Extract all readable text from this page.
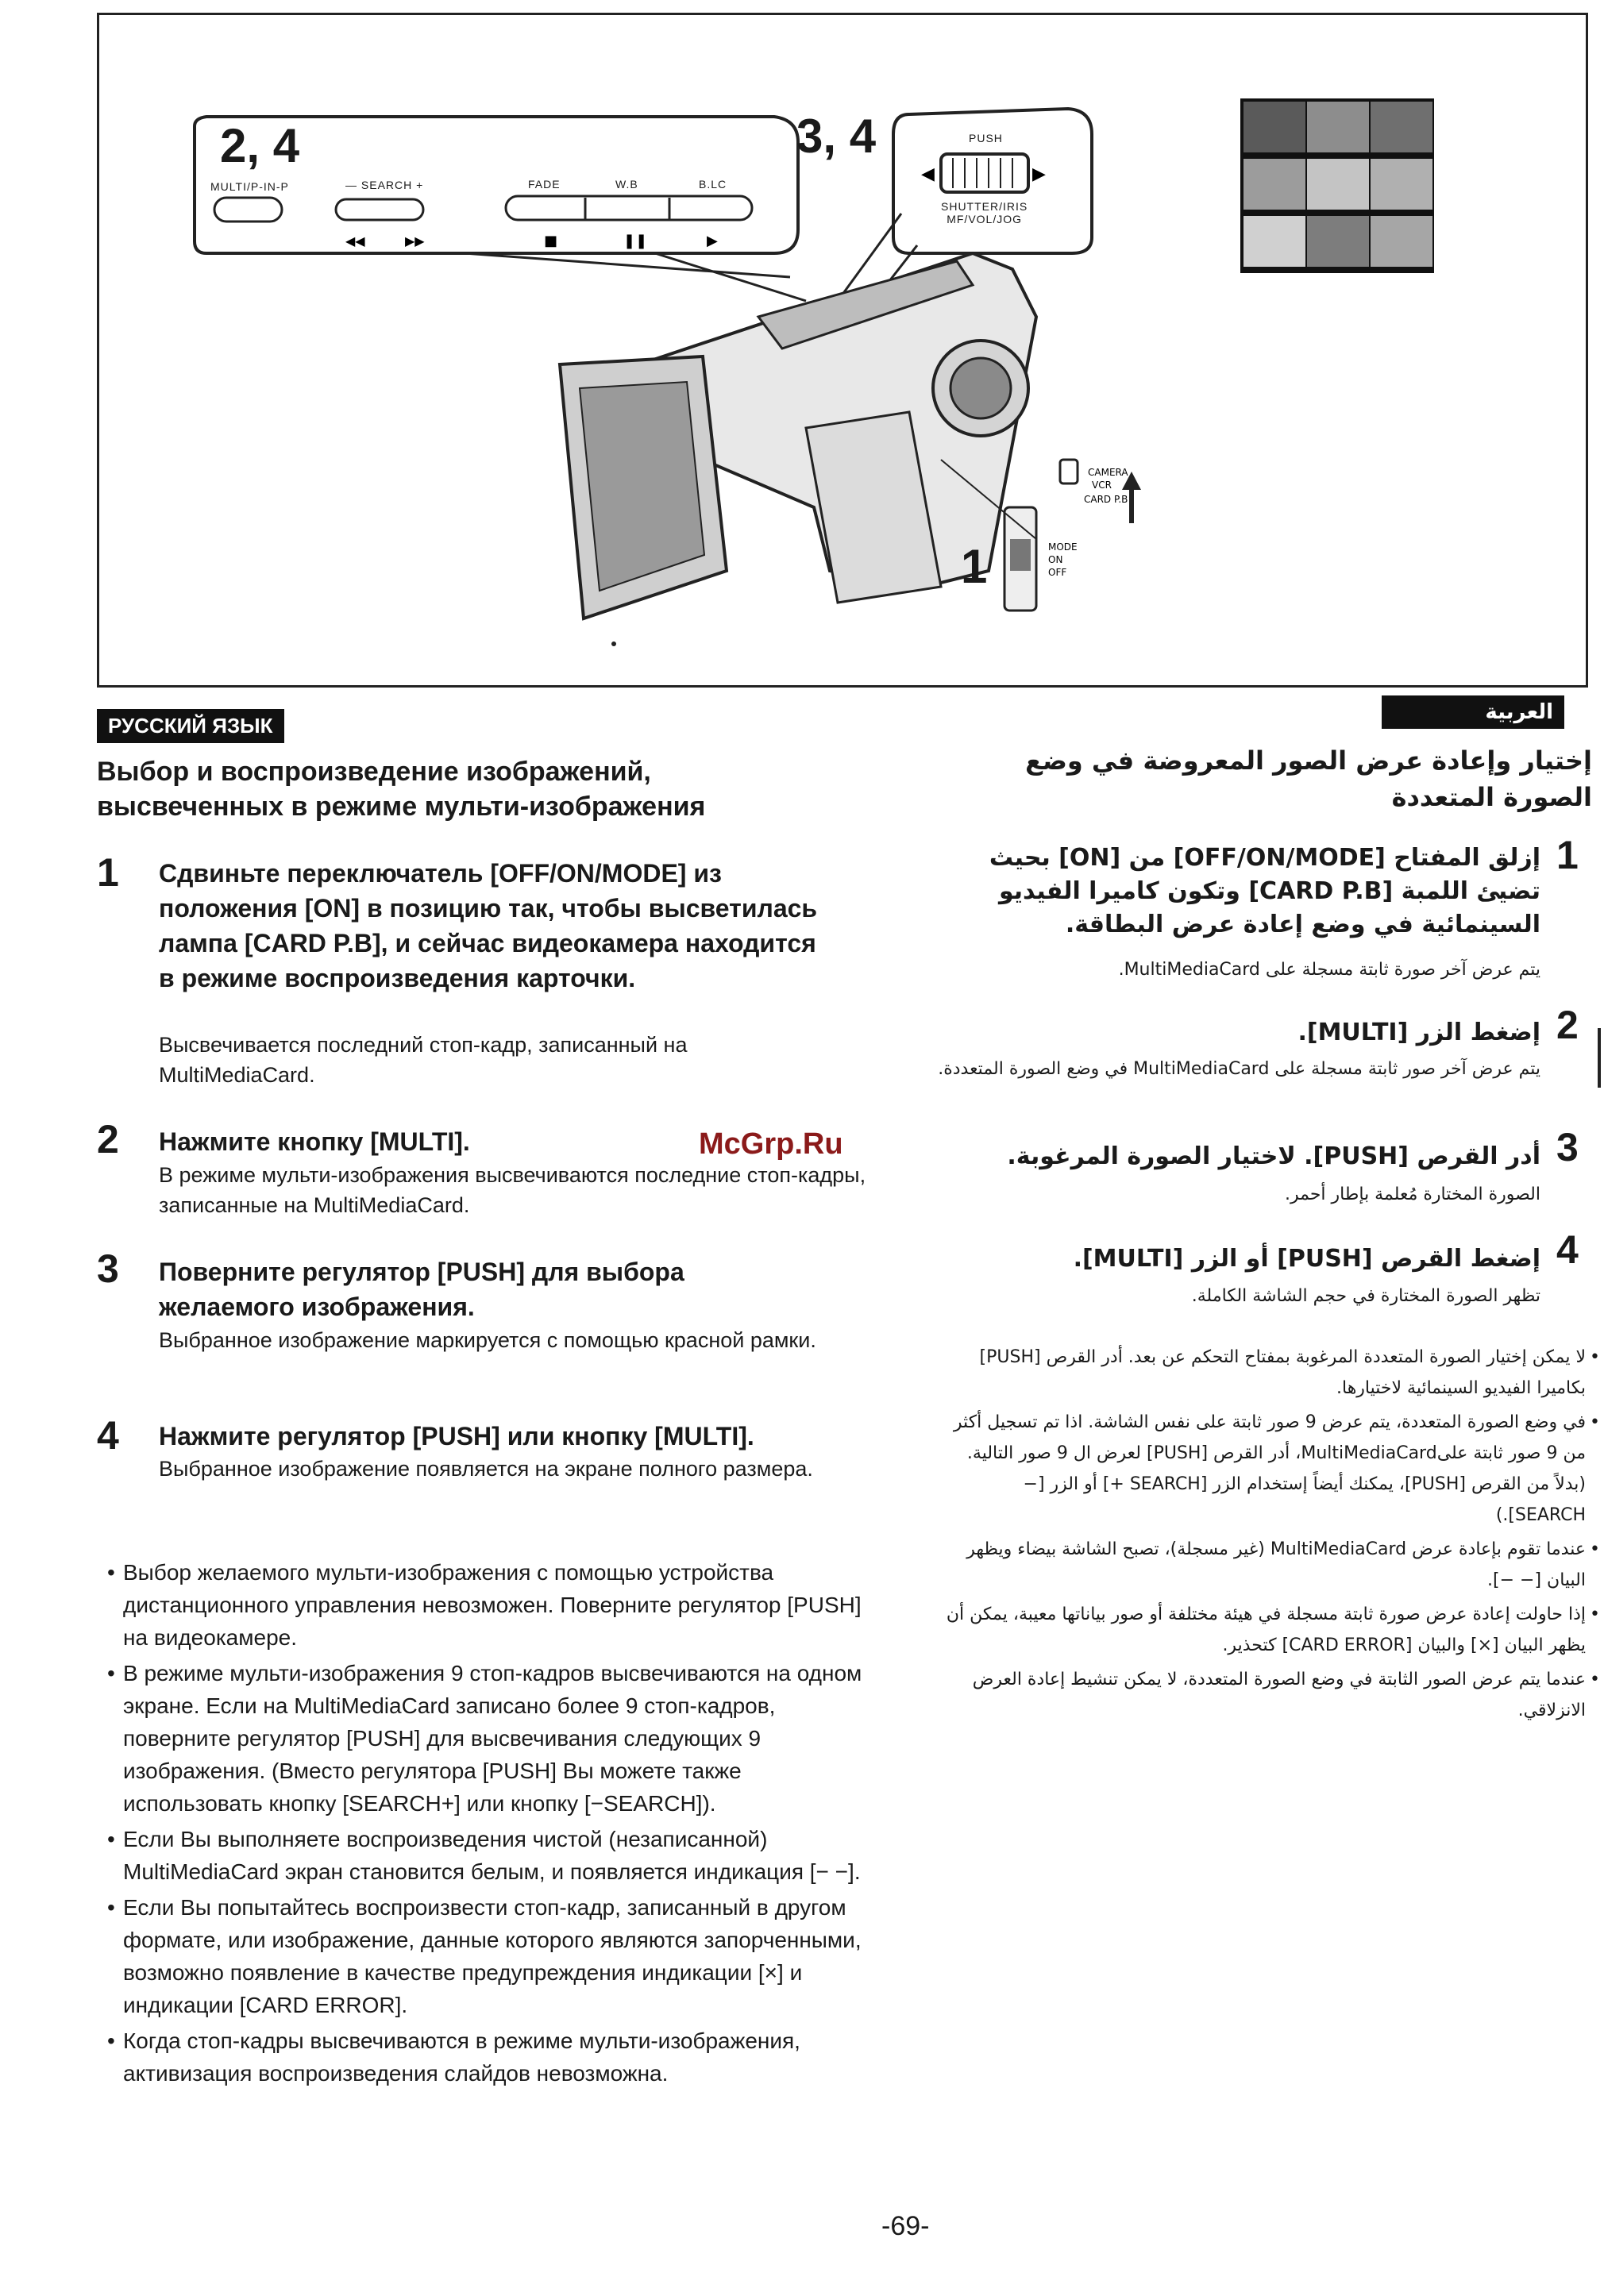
■	❚❚	▶
◀◀	▶▶
◀	▶
CAMERA
VCR
CARD P.B
MODE
ON
OFF
2, 4	3, 4
1
MULTI/P-IN-P	— SEARCH +	FADE	W.B	B.LC
PUSH
SHUTTER/IRIS
MF/VOL/JOG
РУССКИЙ ЯЗЫК
Выбор и воспроизведение изображений,
высвеченных в режиме мульти-изображения
1 Сдвиньте переключатель [OFF/ON/MODE] из положения [ON] в позицию так, чтобы высветилась лампа [CARD P.B], и сейчас видеокамера находится в режиме воспроизведения карточки.
Высвечивается последний стоп-кадр, записанный на MultiMediaCard.
2 Нажмите кнопку [MULTI].
В режиме мульти-изображения высвечиваются последние стоп-кадры, записанные на MultiMediaCard.
3 Поверните регулятор [PUSH] для выбора желаемого изображения.
Выбранное изображение маркируется с помощью красной рамки.
4 Нажмите регулятор [PUSH] или кнопку [MULTI].
Выбранное изображение появляется на экране полного размера.
• Выбор желаемого мульти-изображения с помощью устройства дистанционного управления невозможен. Поверните регулятор [PUSH] на видеокамере.
• В режиме мульти-изображения 9 стоп-кадров высвечиваются на одном экране. Если на MultiMediaCard записано более 9 стоп-кадров, поверните регулятор [PUSH] для высвечивания следующих 9 изображения. (Вместо регулятора [PUSH] Вы можете также использовать кнопку [SEARCH+] или кнопку [−SEARCH]).
• Если Вы выполняете воспроизведения чистой (незаписанной) MultiMediaCard экран становится белым, и появляется индикация [− −].
• Если Вы попытайтесь воспроизвести стоп-кадр, записанный в другом формате, или изображение, данные которого являются запорченными, возможно появление в качестве предупреждения индикации [×] и индикации [CARD ERROR].
• Когда стоп-кадры высвечиваются в режиме мульти-изображения, активизация воспроизведения слайдов невозможна.
McGrp.Ru
العربية
إختيار وإعادة عرض الصور المعروضة في وضع الصورة المتعددة
1
إزلق المفتاح [OFF/ON/MODE] من [ON] بحيث تضيئ اللمبة [CARD P.B] وتكون كاميرا الفيديو السينمائية في وضع إعادة عرض البطاقة.
يتم عرض آخر صورة ثابتة مسجلة على MultiMediaCard.
2
إضغط الزر [MULTI].
يتم عرض آخر صور ثابتة مسجلة على MultiMediaCard في وضع الصورة المتعددة.
3
أدر القرص [PUSH]. لاختيار الصورة المرغوبة.
الصورة المختارة مُعلمة بإطار أحمر.
4
إضغط القرص [PUSH] أو الزر [MULTI].
تظهر الصورة المختارة في حجم الشاشة الكاملة.
•
لا يمكن إختيار الصورة المتعددة المرغوبة بمفتاح التحكم عن بعد. أدر القرص [PUSH] بكاميرا الفيديو السينمائية لاختيارها.
•
في وضع الصورة المتعددة، يتم عرض 9 صور ثابتة على نفس الشاشة. اذا تم تسجيل أكثر من 9 صور ثابتة علىMultiMediaCard، أدر القرص [PUSH] لعرض ال 9 صور التالية. (بدلاً من القرص [PUSH]، يمكنك أيضاً إستخدام الزر [SEARCH +] أو الزر [− SEARCH].)
•
عندما تقوم بإعادة عرض MultiMediaCard (غير مسجلة)، تصبح الشاشة بيضاء ويظهر البيان [− −].
•
إذا حاولت إعادة عرض صورة ثابتة مسجلة في هيئة مختلفة أو صور بياناتها معيبة، يمكن أن يظهر البيان [×] والبيان [CARD ERROR] كتحذير.
•
عندما يتم عرض الصور الثابتة في وضع الصورة المتعددة، لا يمكن تنشيط إعادة العرض الانزلاقي.
-69-
